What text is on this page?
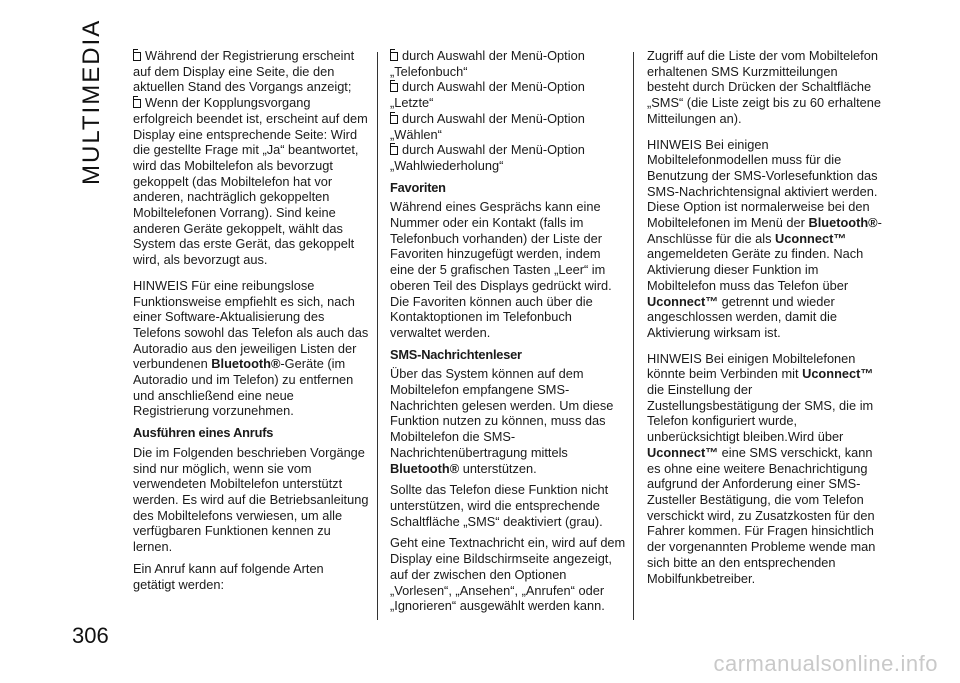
MULTIMEDIA	Während der Registrierung erscheint auf dem Display eine Seite, die den aktuellen Stand des Vorgangs anzeigt;

Wenn der Kopplungsvorgang erfolgreich beendet ist, erscheint auf dem Display eine entsprechende Seite: Wird die gestellte Frage mit „Ja“ beantwortet, wird das Mobiltelefon als bevorzugt gekoppelt (das Mobiltelefon hat vor anderen, nachträglich gekoppelten Mobiltelefonen Vorrang). Sind keine anderen Geräte gekoppelt, wählt das System das erste Gerät, das gekoppelt wird, als bevorzugt aus.

HINWEIS Für eine reibungslose Funktionsweise empfiehlt es sich, nach einer Software-Aktualisierung des Telefons sowohl das Telefon als auch das Autoradio aus den jeweiligen Listen der verbundenen Bluetooth®-Geräte (im Autoradio und im Telefon) zu entfernen und anschließend eine neue Registrierung vorzunehmen.

Ausführen eines Anrufs

Die im Folgenden beschrieben Vorgänge sind nur möglich, wenn sie vom verwendeten Mobiltelefon unterstützt werden. Es wird auf die Betriebsanleitung des Mobiltelefons verwiesen, um alle verfügbaren Funktionen kennen zu lernen.

Ein Anruf kann auf folgende Arten getätigt werden:

durch Auswahl der Menü-Option „Telefonbuch“

durch Auswahl der Menü-Option „Letzte“

durch Auswahl der Menü-Option „Wählen“

durch Auswahl der Menü-Option „Wahlwiederholung“

Favoriten

Während eines Gesprächs kann eine Nummer oder ein Kontakt (falls im Telefonbuch vorhanden) der Liste der Favoriten hinzugefügt werden, indem eine der 5 grafischen Tasten „Leer“ im oberen Teil des Displays gedrückt wird. Die Favoriten können auch über die Kontaktoptionen im Telefonbuch verwaltet werden.

SMS-Nachrichtenleser

Über das System können auf dem Mobiltelefon empfangene SMS-Nachrichten gelesen werden. Um diese Funktion nutzen zu können, muss das Mobiltelefon die SMS-Nachrichtenübertragung mittels Bluetooth® unterstützen.

Sollte das Telefon diese Funktion nicht unterstützen, wird die entsprechende Schaltfläche „SMS“ deaktiviert (grau).

Geht eine Textnachricht ein, wird auf dem Display eine Bildschirmseite angezeigt, auf der zwischen den Optionen „Vorlesen“, „Ansehen“, „Anrufen“ oder „Ignorieren“ ausgewählt werden kann.

Zugriff auf die Liste der vom Mobiltelefon erhaltenen SMS Kurzmitteilungen besteht durch Drücken der Schaltfläche „SMS“ (die Liste zeigt bis zu 60 erhaltene Mitteilungen an).

HINWEIS Bei einigen Mobiltelefonmodellen muss für die Benutzung der SMS-Vorlesefunktion das SMS-Nachrichtensignal aktiviert werden. Diese Option ist normalerweise bei den Mobiltelefonen im Menü der Bluetooth®-Anschlüsse für die als Uconnect™ angemeldeten Geräte zu finden. Nach Aktivierung dieser Funktion im Mobiltelefon muss das Telefon über Uconnect™ getrennt und wieder angeschlossen werden, damit die Aktivierung wirksam ist.

HINWEIS Bei einigen Mobiltelefonen könnte beim Verbinden mit Uconnect™ die Einstellung der Zustellungsbestätigung der SMS, die im Telefon konfiguriert wurde, unberücksichtigt bleiben.Wird über Uconnect™ eine SMS verschickt, kann es ohne eine weitere Benachrichtigung aufgrund der Anforderung einer SMS-Zusteller Bestätigung, die vom Telefon verschickt wird, zu Zusatzkosten für den Fahrer kommen. Für Fragen hinsichtlich der vorgenannten Probleme wende man sich bitte an den entsprechenden Mobilfunkbetreiber.

306
carmanualsonline.info
